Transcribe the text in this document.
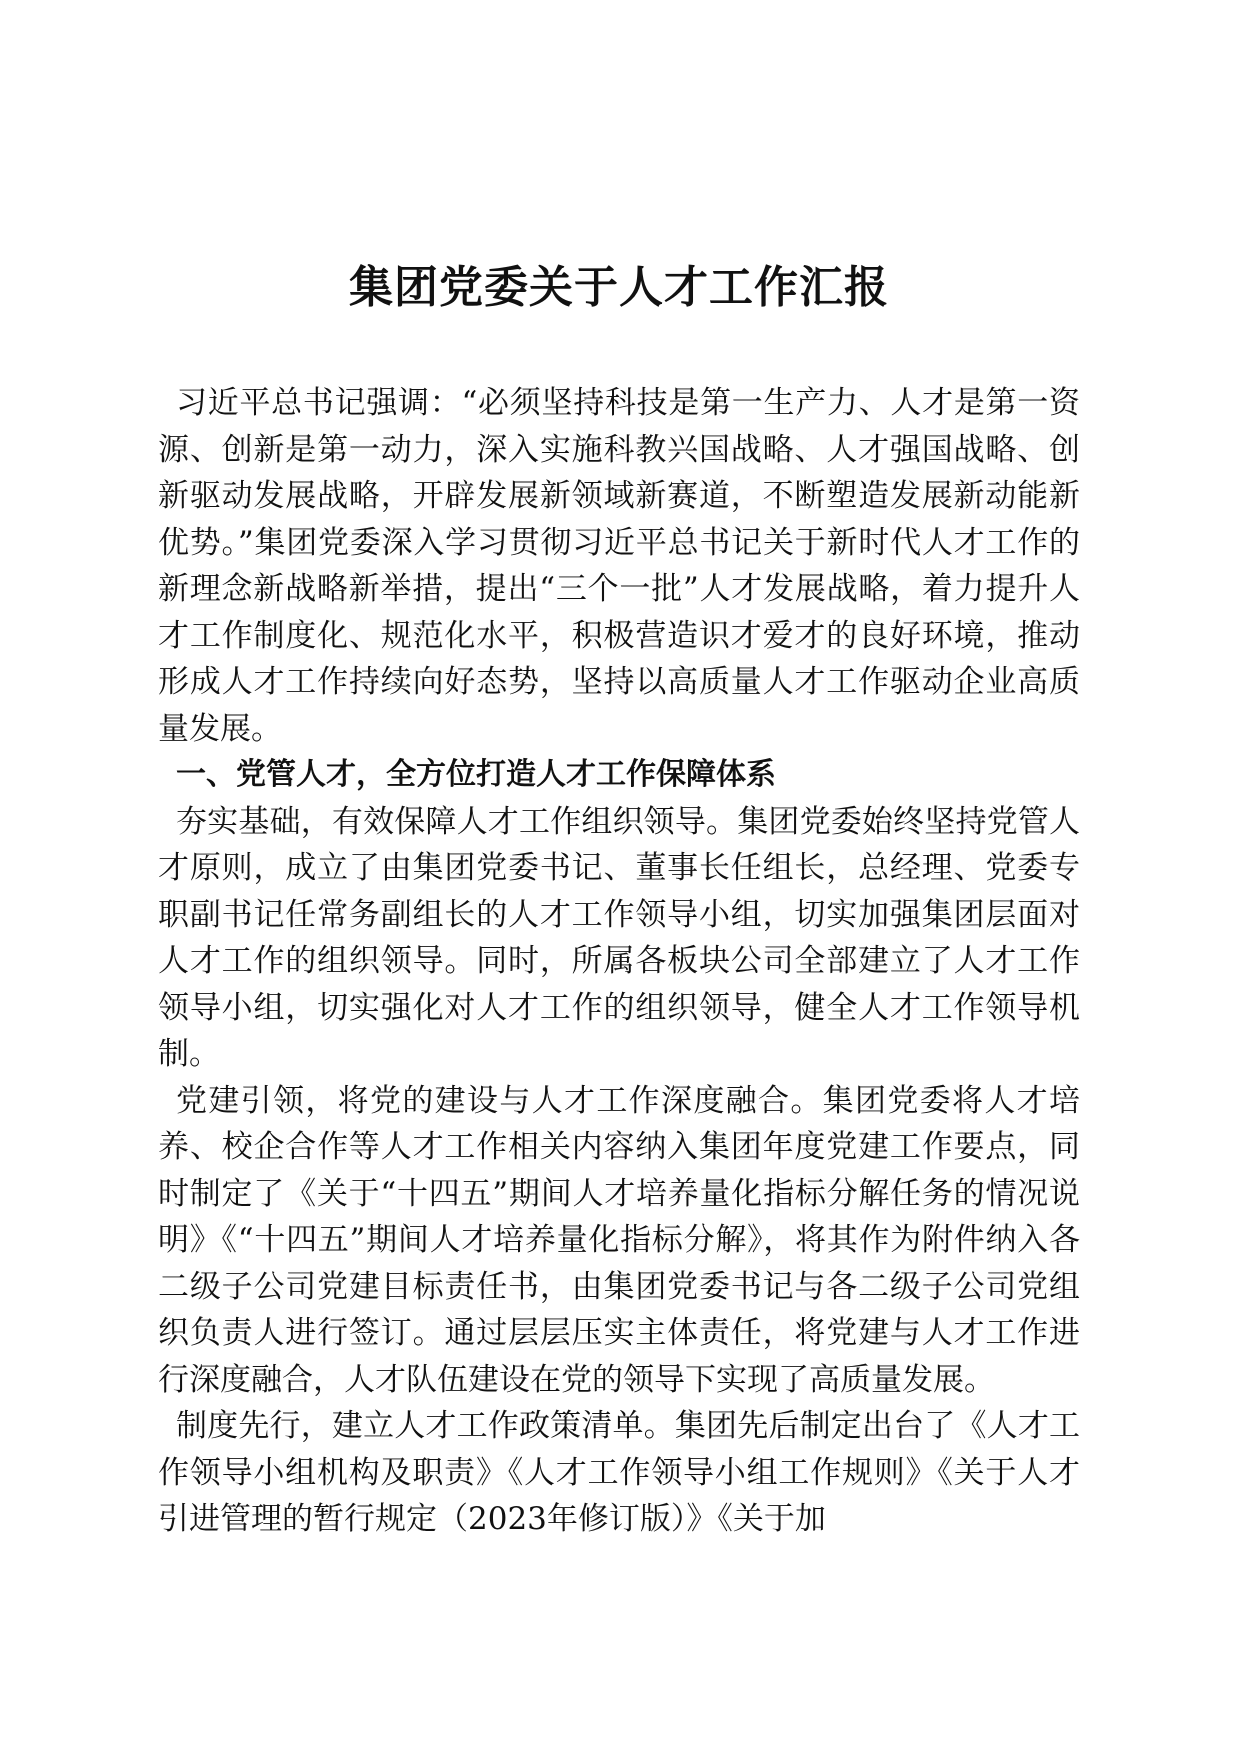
集团党委关于人才工作汇报

习近平总书记强调：“必须坚持科技是第一生产力、人才是第一资源、创新是第一动力，深入实施科教兴国战略、人才强国战略、创新驱动发展战略，开辟发展新领域新赛道，不断塑造发展新动能新优势。”集团党委深入学习贯彻习近平总书记关于新时代人才工作的新理念新战略新举措，提出“三个一批”人才发展战略，着力提升人才工作制度化、规范化水平，积极营造识才爱才的良好环境，推动形成人才工作持续向好态势，坚持以高质量人才工作驱动企业高质量发展。

一、党管人才，全方位打造人才工作保障体系

夯实基础，有效保障人才工作组织领导。集团党委始终坚持党管人才原则，成立了由集团党委书记、董事长任组长，总经理、党委专职副书记任常务副组长的人才工作领导小组，切实加强集团层面对人才工作的组织领导。同时，所属各板块公司全部建立了人才工作领导小组，切实强化对人才工作的组织领导，健全人才工作领导机制。

党建引领，将党的建设与人才工作深度融合。集团党委将人才培养、校企合作等人才工作相关内容纳入集团年度党建工作要点，同时制定了《关于“十四五”期间人才培养量化指标分解任务的情况说明》《“十四五”期间人才培养量化指标分解》，将其作为附件纳入各二级子公司党建目标责任书，由集团党委书记与各二级子公司党组织负责人进行签订。通过层层压实主体责任，将党建与人才工作进行深度融合，人才队伍建设在党的领导下实现了高质量发展。

制度先行，建立人才工作政策清单。集团先后制定出台了《人才工作领导小组机构及职责》《人才工作领导小组工作规则》《关于人才引进管理的暂行规定（2023年修订版）》《关于加
